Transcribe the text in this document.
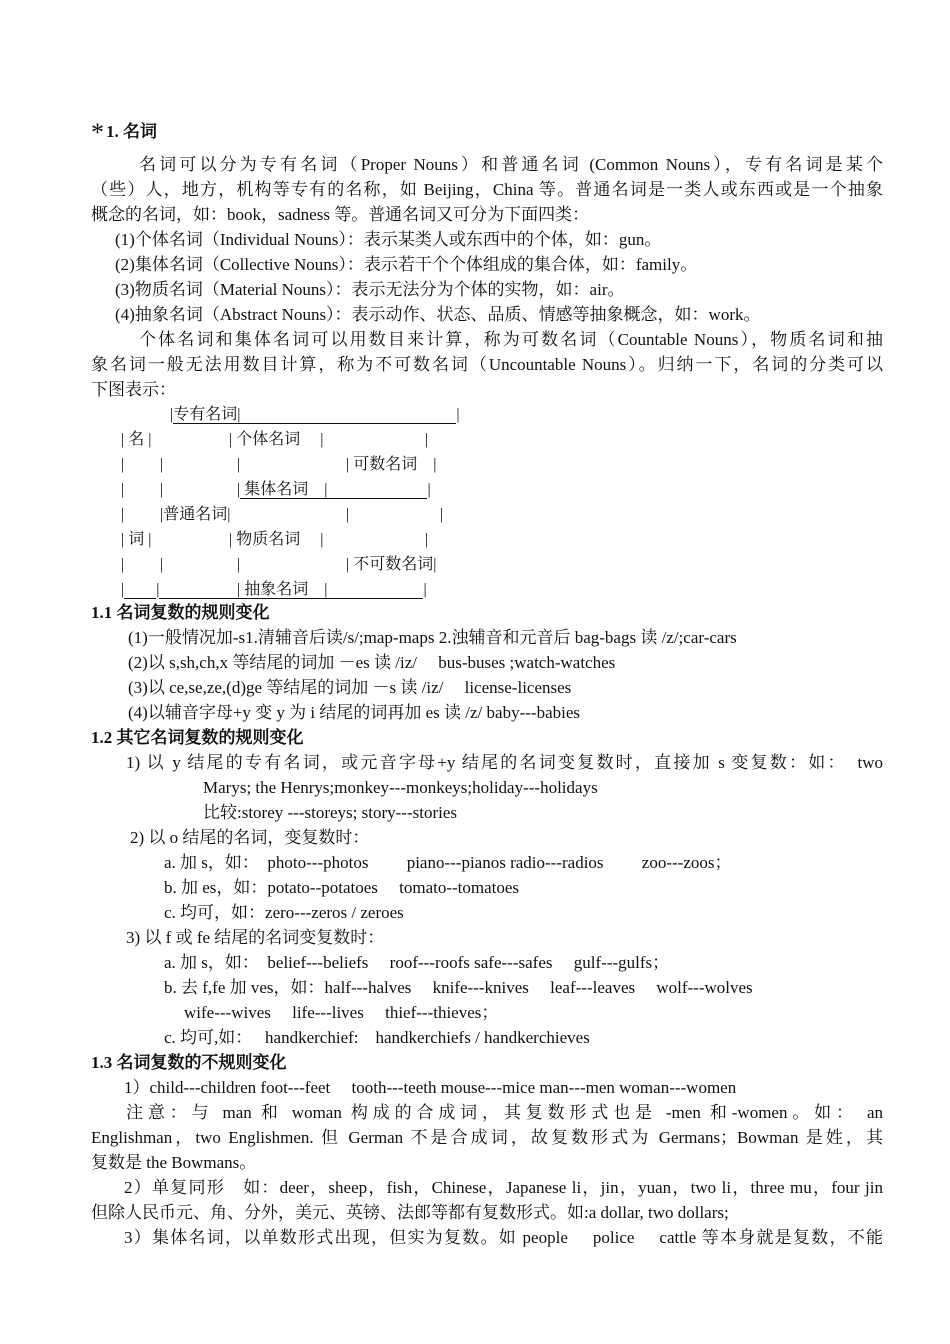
* 1. 名词
名词可以分为专有名词（Proper Nouns）和普通名词 (Common Nouns），专有名词是某个
（些）人，地方，机构等专有的名称，如 Beijing，China 等。普通名词是一类人或东西或是一个抽象
概念的名词，如：book，sadness 等。普通名词又可分为下面四类：
(1)个体名词（Individual Nouns）：表示某类人或东西中的个体，如：gun。
(2)集体名词（Collective Nouns）：表示若干个个体组成的集合体，如：family。
(3)物质名词（Material Nouns）：表示无法分为个体的实物，如：air。
(4)抽象名词（Abstract Nouns）：表示动作、状态、品质、情感等抽象概念，如：work。
个体名词和集体名词可以用数目来计算，称为可数名词（Countable Nouns），物质名词和抽
象名词一般无法用数目计算，称为不可数名词（Uncountable Nouns）。归纳一下，名词的分类可以
下图表示：
|专有名词|                                                      |
| 名 |	| 个体名词　 |	|
| |	|	| 可数名词　|
| |	| 集体名词　|                         |
| |普通名词|	|	|
| 词 |	| 物质名词　 |	|
| |	|	| 不可数名词|
| |	| 抽象名词　|                        |
1.1 名词复数的规则变化
(1)一般情况加-s1.清辅音后读/s/;map-maps 2.浊辅音和元音后 bag-bags 读 /z/;car-cars
(2)以 s,sh,ch,x 等结尾的词加 －es 读 /iz/　 bus-buses ;watch-watches
(3)以 ce,se,ze,(d)ge 等结尾的词加 －s 读 /iz/　 license-licenses
(4)以辅音字母+y 变 y 为 i 结尾的词再加 es 读 /z/ baby---babies
1.2 其它名词复数的规则变化
1) 以 y 结尾的专有名词，或元音字母+y 结尾的名词变复数时，直接加 s 变复数：如：　two
Marys; the Henrys;monkey---monkeys;holiday---holidays
比较:storey ---storeys; story---stories
2) 以 o 结尾的名词，变复数时：
a. 加 s，如：　photo---photos　　 piano---pianos radio---radios　　 zoo---zoos；
b. 加 es，如：potato--potatoes　 tomato--tomatoes
c. 均可，如：zero---zeros / zeroes
3) 以 f 或 fe 结尾的名词变复数时：
a. 加 s，如：　belief---beliefs　 roof---roofs safe---safes　 gulf---gulfs；
b. 去 f,fe 加 ves，如：half---halves　 knife---knives　 leaf---leaves　 wolf---wolves
wife---wives　 life---lives　 thief---thieves；
c. 均可,如：　 handkerchief:　handkerchiefs / handkerchieves
1.3 名词复数的不规则变化
1）child---children foot---feet　 tooth---teeth mouse---mice man---men woman---women
注意：与 man 和 woman 构成的合成词，其复数形式也是 -men 和-women。如： an
Englishman，two Englishmen. 但 German 不是合成词，故复数形式为 Germans；Bowman 是姓，其
复数是 the Bowmans。
2）单复同形　如：deer，sheep，fish，Chinese，Japanese li，jin，yuan，two li，three mu，four jin
但除人民币元、角、分外，美元、英镑、法郎等都有复数形式。如:a dollar, two dollars;
3）集体名词，以单数形式出现，但实为复数。如 people　 police　 cattle 等本身就是复数，不能
